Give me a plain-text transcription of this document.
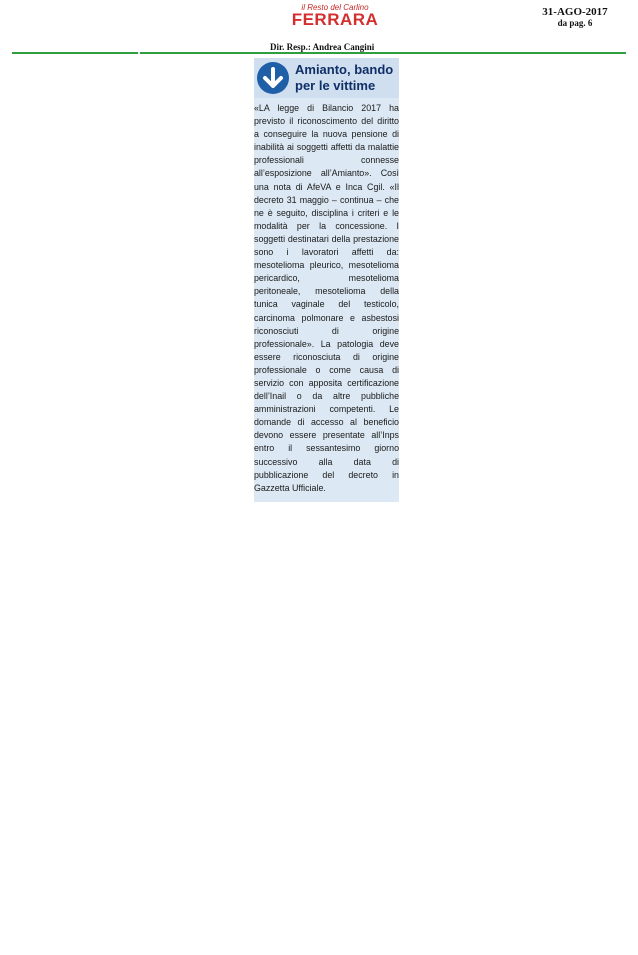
il Resto del Carlino
FERRARA	31-AGO-2017
da pag. 6
Dir. Resp.: Andrea Cangini
Amianto, bando
per le vittime

«LA legge di Bilancio 2017 ha previsto il riconoscimento del diritto a conseguire la nuova pensione di inabilità ai soggetti affetti da malattie professionali connesse all’esposizione all’Amianto». Così una nota di AfeVA e Inca Cgil. «Il decreto 31 maggio – continua – che ne è seguito, disciplina i criteri e le modalità per la concessione. I soggetti destinatari della prestazione sono i lavoratori affetti da: mesotelioma pleurico, mesotelioma pericardico, mesotelioma peritoneale, mesotelioma della tunica vaginale del testicolo, carcinoma polmonare e asbestosi riconosciuti di origine professionale». La patologia deve essere riconosciuta di origine professionale o come causa di servizio con apposita certificazione dell’Inail o da altre pubbliche amministrazioni competenti. Le domande di accesso al beneficio devono essere presentate all’Inps entro il sessantesimo giorno successivo alla data di pubblicazione del decreto in Gazzetta Ufficiale.
